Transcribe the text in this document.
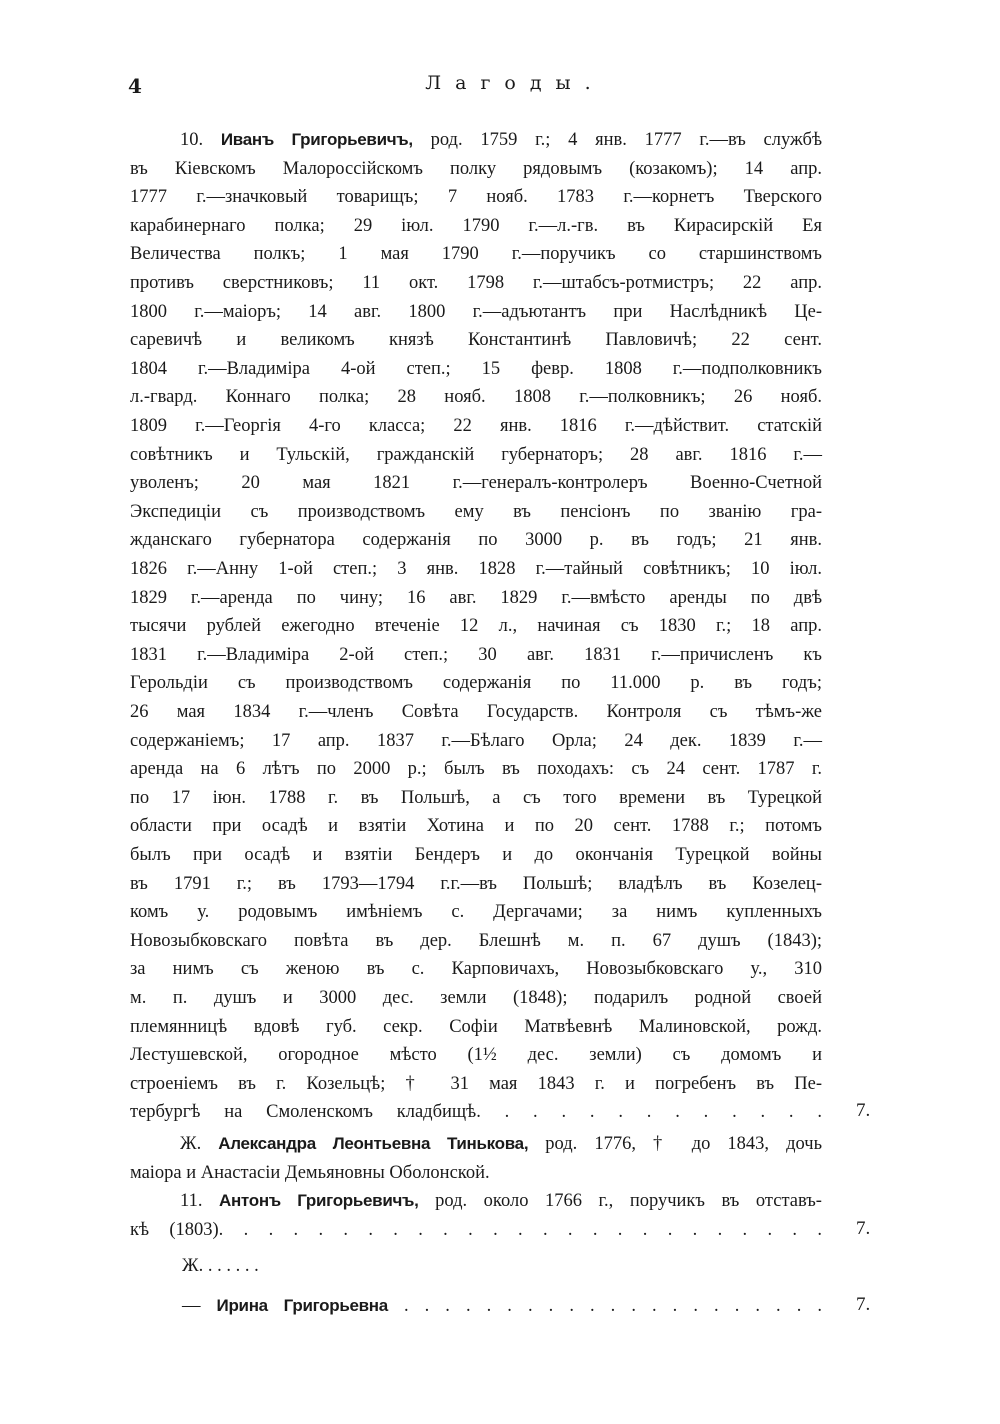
4	Лагоды.
10. Иванъ Григорьевичъ, род. 1759 г.; 4 янв. 1777 г.—въ службѣ
въ Кіевскомъ Малороссійскомъ полку рядовымъ (козакомъ); 14 апр.
1777 г.—значковый товарищъ; 7 нояб. 1783 г.—корнетъ Тверского
карабинернаго полка; 29 іюл. 1790 г.—л.-гв. въ Кирасирскій Ея
Величества полкъ; 1 мая 1790 г.—поручикъ со старшинствомъ
противъ сверстниковъ; 11 окт. 1798 г.—штабсъ-ротмистръ; 22 апр.
1800 г.—маіоръ; 14 авг. 1800 г.—адъютантъ при Наслѣдникѣ Це-
саревичѣ и великомъ князѣ Константинѣ Павловичѣ; 22 сент.
1804 г.—Владиміра 4-ой степ.; 15 февр. 1808 г.—подполковникъ
л.-гвард. Коннаго полка; 28 нояб. 1808 г.—полковникъ; 26 нояб.
1809 г.—Георгія 4-го класса; 22 янв. 1816 г.—дѣйствит. статскій
совѣтникъ и Тульскій, гражданскій губернаторъ; 28 авг. 1816 г.—
уволенъ; 20 мая 1821 г.—генералъ-контролеръ Военно-Счетной
Экспедиціи съ производствомъ ему въ пенсіонъ по званію гра-
жданскаго губернатора содержанія по 3000 р. въ годъ; 21 янв.
1826 г.—Анну 1-ой степ.; 3 янв. 1828 г.—тайный совѣтникъ; 10 іюл.
1829 г.—аренда по чину; 16 авг. 1829 г.—вмѣсто аренды по двѣ
тысячи рублей ежегодно втеченіе 12 л., начиная съ 1830 г.; 18 апр.
1831 г.—Владиміра 2-ой степ.; 30 авг. 1831 г.—причисленъ къ
Герольдіи съ производствомъ содержанія по 11.000 р. въ годъ;
26 мая 1834 г.—членъ Совѣта Государств. Контроля съ тѣмъ-же
содержаніемъ; 17 апр. 1837 г.—Бѣлаго Орла; 24 дек. 1839 г.—
аренда на 6 лѣтъ по 2000 р.; былъ въ походахъ: съ 24 сент. 1787 г.
по 17 іюн. 1788 г. въ Польшѣ, а съ того времени въ Турецкой
области при осадѣ и взятіи Хотина и по 20 сент. 1788 г.; потомъ
былъ при осадѣ и взятіи Бендеръ и до окончанія Турецкой войны
въ 1791 г.; въ 1793—1794 г.г.—въ Польшѣ; владѣлъ въ Козелец-
комъ у. родовымъ имѣніемъ с. Дергачами; за нимъ купленныхъ
Новозыбковскаго повѣта въ дер. Блешнѣ м. п. 67 душъ (1843);
за нимъ съ женою въ с. Карповичахъ, Новозыбковскаго у., 310
м. п. душъ и 3000 дес. земли (1848); подарилъ родной своей
племянницѣ вдовѣ губ. секр. Софіи Матвѣевнѣ Малиновской, рожд.
Лестушевской, огородное мѣсто (1½ дес. земли) съ домомъ и
строеніемъ въ г. Козельцѣ; † 31 мая 1843 г. и погребенъ въ Пе-
тербургѣ на Смоленскомъ кладбищѣ. . . . . . . . . . . . . 7.
Ж. Александра Леонтьевна Тинькова, род. 1776, † до 1843, дочь
маіора и Анастасіи Демьяновны Оболонской.
11. Антонъ Григорьевичъ, род. около 1766 г., поручикъ въ отставъ-
кѣ (1803). . . . . . . . . . . . . . . . . . . . . . . . . 7.
Ж. . . . . . .
— Ирина Григорьевна . . . . . . . . . . . . . . . . . . . . . 7.
